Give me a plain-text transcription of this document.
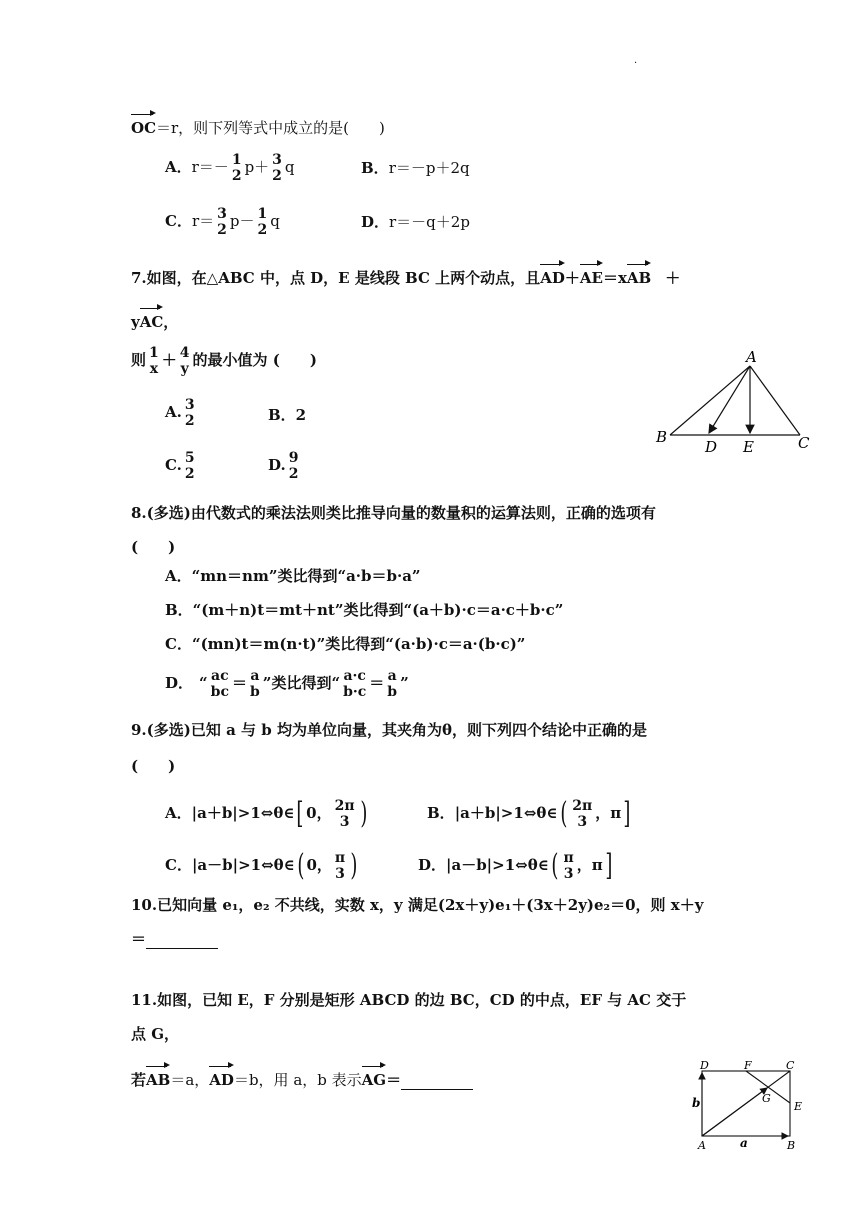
·
OC＝r，则下列等式中成立的是(　　)
A．r＝－ 1
2 p＋ 3
2 q	B．r＝－p＋2q
C．r＝ 3
2 p－ 1
2 q	D．r＝－q＋2p
7.如图，在△ABC 中，点 D，E 是线段 BC 上两个动点，且AD＋AE＝xAB ＋
yAC，
则 1
x ＋ 4
y 的最小值为 (　　)
A. 3
2	B．2
C. 5
2	D. 9
2
A
B
D E	C
8.(多选)由代数式的乘法法则类比推导向量的数量积的运算法则，正确的选项有
(　　)
A．“mn＝nm”类比得到“a·b＝b·a”
B．“(m＋n)t＝mt＋nt”类比得到“(a＋b)·c＝a·c＋b·c”
C．“(mn)t＝m(n·t)”类比得到“(a·b)·c＝a·(b·c)”
D． “ ac
bc ＝ a
b ”类比得到“ a·c
b·c ＝ a
b ”
9.(多选)已知 a 与 b 均为单位向量，其夹角为θ，则下列四个结论中正确的是
(　　)
A．|a＋b|>1⇔θ∈[ 0， 2π
3 )	B．|a＋b|>1⇔θ∈( 2π
3 ，π]
C．|a－b|>1⇔θ∈( 0， π
3 )	D．|a－b|>1⇔θ∈( π
3 ，π]
10.已知向量 e₁，e₂ 不共线，实数 x，y 满足(2x＋y)e₁＋(3x＋2y)e₂＝0，则 x＋y
＝
11.如图，已知 E，F 分别是矩形 ABCD 的边 BC，CD 的中点，EF 与 AC 交于
点 G，
若AB＝a，AD＝b，用 a，b 表示AG＝
D	F	C
G
E
b
A	a	B
